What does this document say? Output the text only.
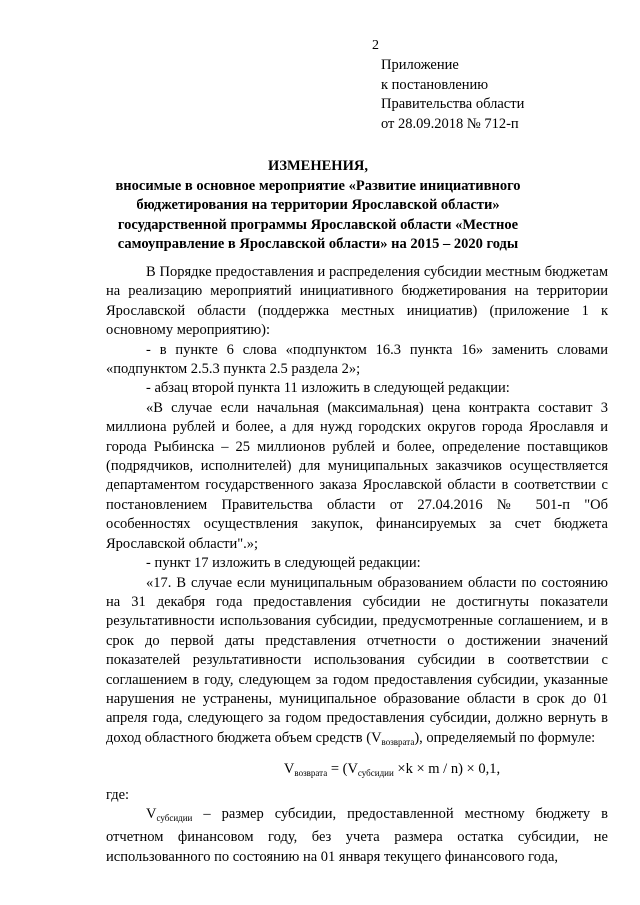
2
Приложение
к постановлению
Правительства области
от 28.09.2018 № 712-п
ИЗМЕНЕНИЯ,
вносимые в основное мероприятие «Развитие инициативного бюджетирования на территории Ярославской области» государственной программы Ярославской области «Местное самоуправление в Ярославской области» на 2015 – 2020 годы

В Порядке предоставления и распределения субсидии местным бюджетам на реализацию мероприятий инициативного бюджетирования на территории Ярославской области (поддержка местных инициатив) (приложение 1 к основному мероприятию):

- в пункте 6 слова «подпунктом 16.3 пункта 16» заменить словами «подпунктом 2.5.3 пункта 2.5 раздела 2»;

- абзац второй пункта 11 изложить в следующей редакции:

«В случае если начальная (максимальная) цена контракта составит 3 миллиона рублей и более, а для нужд городских округов города Ярославля и города Рыбинска – 25 миллионов рублей и более, определение поставщиков (подрядчиков, исполнителей) для муниципальных заказчиков осуществляется департаментом государственного заказа Ярославской области в соответствии с постановлением Правительства области от 27.04.2016 № 501-п "Об особенностях осуществления закупок, финансируемых за счет бюджета Ярославской области".»;

- пункт 17 изложить в следующей редакции:

«17. В случае если муниципальным образованием области по состоянию на 31 декабря года предоставления субсидии не достигнуты показатели результативности использования субсидии, предусмотренные соглашением, и в срок до первой даты представления отчетности о достижении значений показателей результативности использования субсидии в соответствии с соглашением в году, следующем за годом предоставления субсидии, указанные нарушения не устранены, муниципальное образование области в срок до 01 апреля года, следующего за годом предоставления субсидии, должно вернуть в доход областного бюджета объем средств $(V_{возврата})$, определяемый по формуле:

$V_{возврата} = (V_{субсидии} \times k \times m / n) \times 0,1$,

где:

$V_{субсидии}$ – размер субсидии, предоставленной местному бюджету в отчетном финансовом году, без учета размера остатка субсидии, не использованного по состоянию на 01 января текущего финансового года,
